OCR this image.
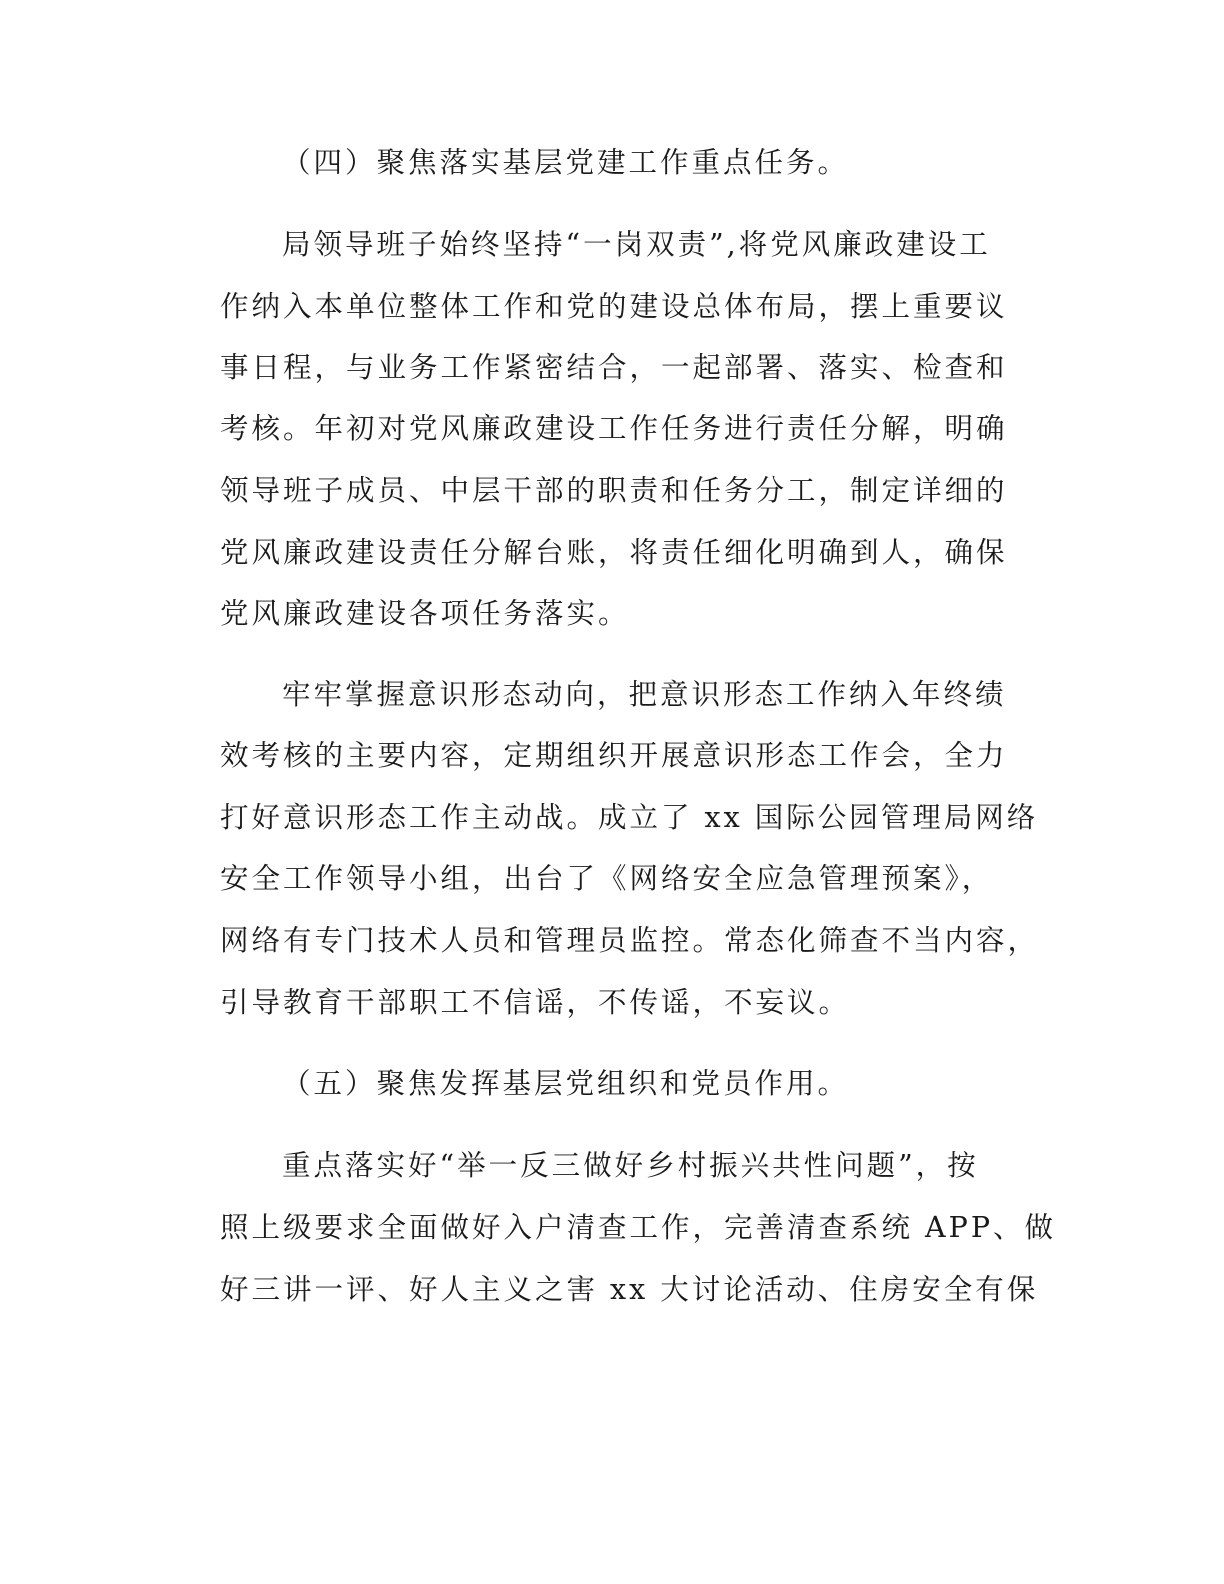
（四）聚焦落实基层党建工作重点任务。
局领导班子始终坚持“一岗双责”,将党风廉政建设工
作纳入本单位整体工作和党的建设总体布局，摆上重要议
事日程，与业务工作紧密结合，一起部署、落实、检查和
考核。年初对党风廉政建设工作任务进行责任分解，明确
领导班子成员、中层干部的职责和任务分工，制定详细的
党风廉政建设责任分解台账，将责任细化明确到人，确保
党风廉政建设各项任务落实。
牢牢掌握意识形态动向，把意识形态工作纳入年终绩
效考核的主要内容，定期组织开展意识形态工作会，全力
打好意识形态工作主动战。成立了 xx 国际公园管理局网络
安全工作领导小组，出台了《网络安全应急管理预案》，
网络有专门技术人员和管理员监控。常态化筛查不当内容，
引导教育干部职工不信谣，不传谣，不妄议。
（五）聚焦发挥基层党组织和党员作用。
重点落实好“举一反三做好乡村振兴共性问题”，按
照上级要求全面做好入户清查工作，完善清查系统 APP、做
好三讲一评、好人主义之害 xx 大讨论活动、住房安全有保
